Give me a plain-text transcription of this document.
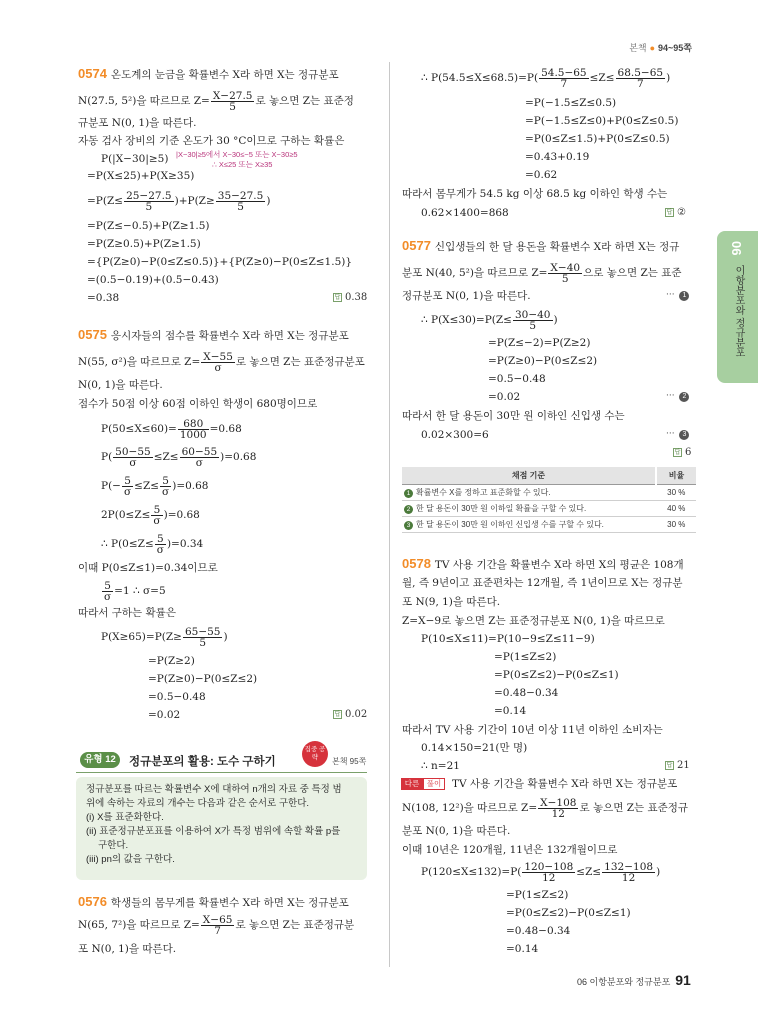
본책 ● 94~95쪽
06
이항분포와 정규분포
0574 온도계의 눈금을 확률변수 X라 하면 X는 정규분포
N(27.5, 5²)을 따르므로 $Z= \frac{X-27.5}{5}$ 로 놓으면 Z는 표준정
규분포 N(0, 1)을 따른다.
자동 검사 장비의 기준 온도가 30 °C이므로 구하는 확률은
P(|X−30|≥5) |X−30|≥5에서 X−30≤−5 또는 X−30≥5
∴ X≤25 또는 X≥35
=P(X≤25)+P(X≥35)
$=P(Z\le \frac{25-27.5}{5} )+P(Z\ge \frac{35-27.5}{5}$ )
=P(Z≤−0.5)+P(Z≥1.5)
=P(Z≥0.5)+P(Z≥1.5)
={P(Z≥0)−P(0≤Z≤0.5)}+{P(Z≥0)−P(0≤Z≤1.5)}
=(0.5−0.19)+(0.5−0.43)
=0.38	답 0.38
0575 응시자들의 점수를 확률변수 X라 하면 X는 정규분포
N(55, σ²)을 따르므로 $Z= \frac{X-55}{\sigma}$ 로 놓으면 Z는 표준정규분포
N(0, 1)을 따른다.
점수가 50점 이상 60점 이하인 학생이 680명이므로
$P(50\le X\le 60)= \frac{680}{1000} =0.68$
$P( \frac{50-55}{\sigma} \le Z\le \frac{60-55}{\sigma} )=0.68$
$P(- \frac{5}{\sigma} \le Z\le \frac{5}{\sigma} )=0.68$
$2P(0\le Z\le \frac{5}{\sigma} )=0.68$
∴ $P(0\le Z\le \frac{5}{\sigma} )=0.34$
이때 P(0≤Z≤1)=0.34이므로
$\frac{5}{\sigma} =1$ ∴ σ=5
따라서 구하는 확률은
$P(X\ge 65)=P(Z\ge \frac{65-55}{5}$ )
=P(Z≥2)
=P(Z≥0)−P(0≤Z≤2)
=0.5−0.48
=0.02	답 0.02
유형 12	정규분포의 활용: 도수 구하기
집중 공략	본책 95쪽
정규분포를 따르는 확률변수 X에 대하여 n개의 자료 중 특정 범
위에 속하는 자료의 개수는 다음과 같은 순서로 구한다.
(i) X를 표준화한다.
(ii) 표준정규분포표를 이용하여 X가 특정 범위에 속할 확률 p를
구한다.
(iii) pn의 값을 구한다.
0576 학생들의 몸무게를 확률변수 X라 하면 X는 정규분포
N(65, 7²)을 따르므로 $Z= \frac{X-65}{7}$ 로 놓으면 Z는 표준정규분
포 N(0, 1)을 따른다.
∴ $P(54.5\le X\le 68.5)=P( \frac{54.5-65}{7} \le Z\le \frac{68.5-65}{7}$ )
=P(−1.5≤Z≤0.5)
=P(−1.5≤Z≤0)+P(0≤Z≤0.5)
=P(0≤Z≤1.5)+P(0≤Z≤0.5)
=0.43+0.19
=0.62
따라서 몸무게가 54.5 kg 이상 68.5 kg 이하인 학생 수는
0.62×1400=868	답 ②
0577 신입생들의 한 달 용돈을 확률변수 X라 하면 X는 정규
분포 N(40, 5²)을 따르므로 $Z= \frac{X-40}{5}$ 으로 놓으면 Z는 표준
정규분포 N(0, 1)을 따른다.	··· 1
∴ $P(X\le 30)=P(Z\le \frac{30-40}{5}$ )
=P(Z≤−2)=P(Z≥2)
=P(Z≥0)−P(0≤Z≤2)
=0.5−0.48
=0.02	··· 2
따라서 한 달 용돈이 30만 원 이하인 신입생 수는
0.02×300=6	··· 3
답 6
채점 기준	비율
1 확률변수 X를 정하고 표준화할 수 있다.	30 %
2 한 달 용돈이 30만 원 이하일 확률을 구할 수 있다.	40 %
3 한 달 용돈이 30만 원 이하인 신입생 수를 구할 수 있다.	30 %
0578 TV 사용 기간을 확률변수 X라 하면 X의 평균은 108개
월, 즉 9년이고 표준편차는 12개월, 즉 1년이므로 X는 정규분
포 N(9, 1)을 따른다.
Z=X−9로 놓으면 Z는 표준정규분포 N(0, 1)을 따르므로
P(10≤X≤11)=P(10−9≤Z≤11−9)
=P(1≤Z≤2)
=P(0≤Z≤2)−P(0≤Z≤1)
=0.48−0.34
=0.14
따라서 TV 사용 기간이 10년 이상 11년 이하인 소비자는
0.14×150=21(만 명)
∴ n=21	답 21
다른	풀이	TV 사용 기간을 확률변수 X라 하면 X는 정규분포
N(108, 12²)을 따르므로 $Z= \frac{X-108}{12}$ 로 놓으면 Z는 표준정규
분포 N(0, 1)을 따른다.
이때 10년은 120개월, 11년은 132개월이므로
$P(120\le X\le 132)=P( \frac{120-108}{12} \le Z\le \frac{132-108}{12}$ )
=P(1≤Z≤2)
=P(0≤Z≤2)−P(0≤Z≤1)
=0.48−0.34
=0.14
06 이항분포와 정규분포 91
